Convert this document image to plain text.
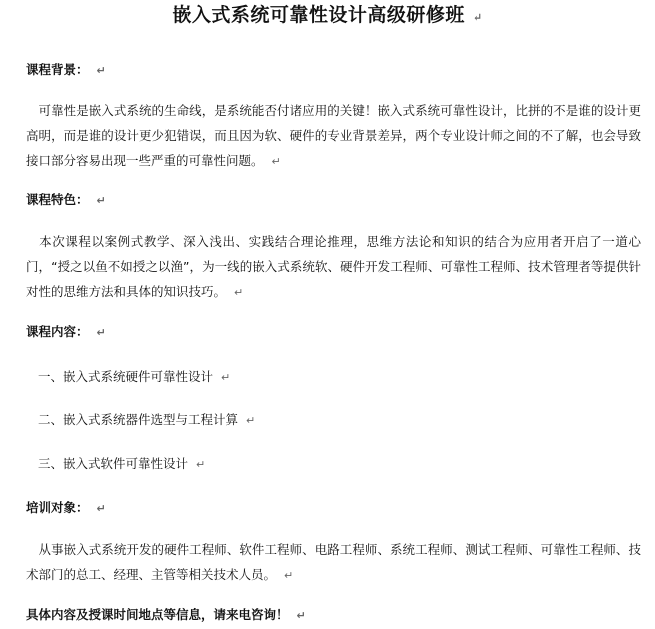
嵌入式系统可靠性设计高级研修班 ↵
课程背景： ↵
　可靠性是嵌入式系统的生命线，是系统能否付诸应用的关键！嵌入式系统可靠性设计，比拼的不是谁的设计更高明，而是谁的设计更少犯错误，而且因为软、硬件的专业背景差异，两个专业设计师之间的不了解，也会导致接口部分容易出现一些严重的可靠性问题。 ↵
课程特色： ↵
　本次课程以案例式教学、深入浅出、实践结合理论推理，思维方法论和知识的结合为应用者开启了一道心门，“授之以鱼不如授之以渔”，为一线的嵌入式系统软、硬件开发工程师、可靠性工程师、技术管理者等提供针对性的思维方法和具体的知识技巧。 ↵
课程内容： ↵
一、嵌入式系统硬件可靠性设计 ↵
二、嵌入式系统器件选型与工程计算 ↵
三、嵌入式软件可靠性设计 ↵
培训对象： ↵
　从事嵌入式系统开发的硬件工程师、软件工程师、电路工程师、系统工程师、测试工程师、可靠性工程师、技术部门的总工、经理、主管等相关技术人员。 ↵
具体内容及授课时间地点等信息，请来电咨询！ ↵
